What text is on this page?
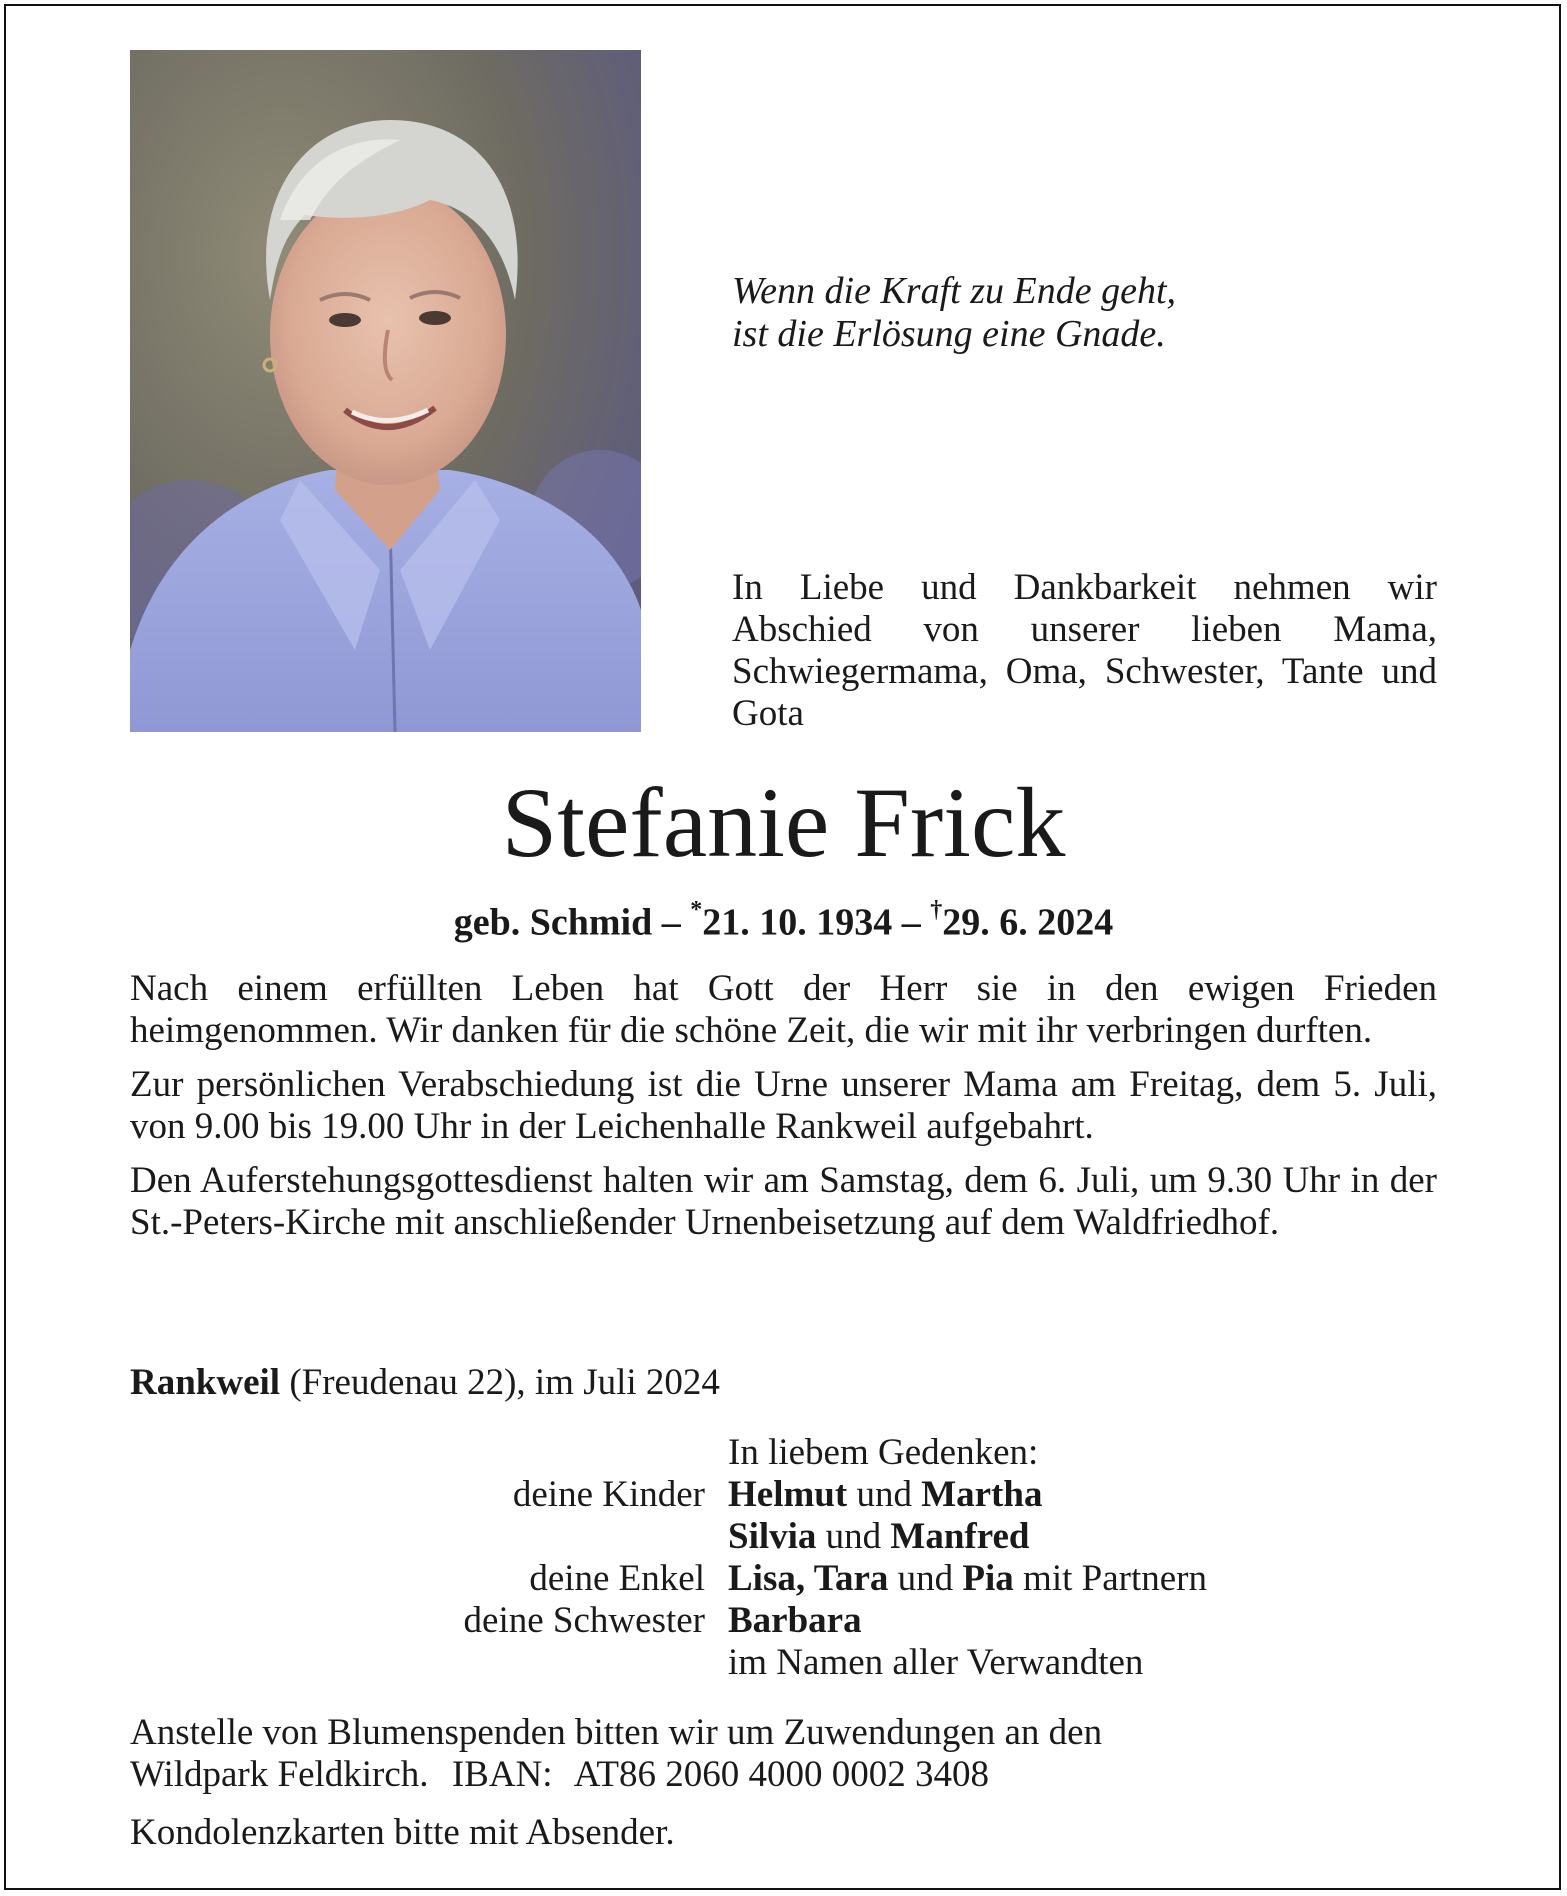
Wenn die Kraft zu Ende geht,
ist die Erlösung eine Gnade.
In Liebe und Dankbarkeit nehmen wir Abschied von unserer lieben Mama, Schwiegermama, Oma, Schwester, Tante und Gota
Stefanie Frick
geb. Schmid – *21. 10. 1934 – †29. 6. 2024

Nach einem erfüllten Leben hat Gott der Herr sie in den ewigen Frieden heimgenommen. Wir danken für die schöne Zeit, die wir mit ihr verbringen durften.

Zur persönlichen Verabschiedung ist die Urne unserer Mama am Freitag, dem 5. Juli, von 9.00 bis 19.00 Uhr in der Leichenhalle Rankweil aufgebahrt.

Den Auferstehungsgottesdienst halten wir am Samstag, dem 6. Juli, um 9.30 Uhr in der St.-Peters-Kirche mit anschließender Urnenbeisetzung auf dem Waldfriedhof.

Rankweil (Freudenau 22), im Juli 2024
In liebem Gedenken:
deine Kinder Helmut und Martha
Silvia und Manfred
deine Enkel Lisa, Tara und Pia mit Partnern
deine Schwester Barbara
im Namen aller Verwandten
Anstelle von Blumenspenden bitten wir um Zuwendungen an den
Wildpark Feldkirch. IBAN: AT86 2060 4000 0002 3408
Kondolenzkarten bitte mit Absender.
